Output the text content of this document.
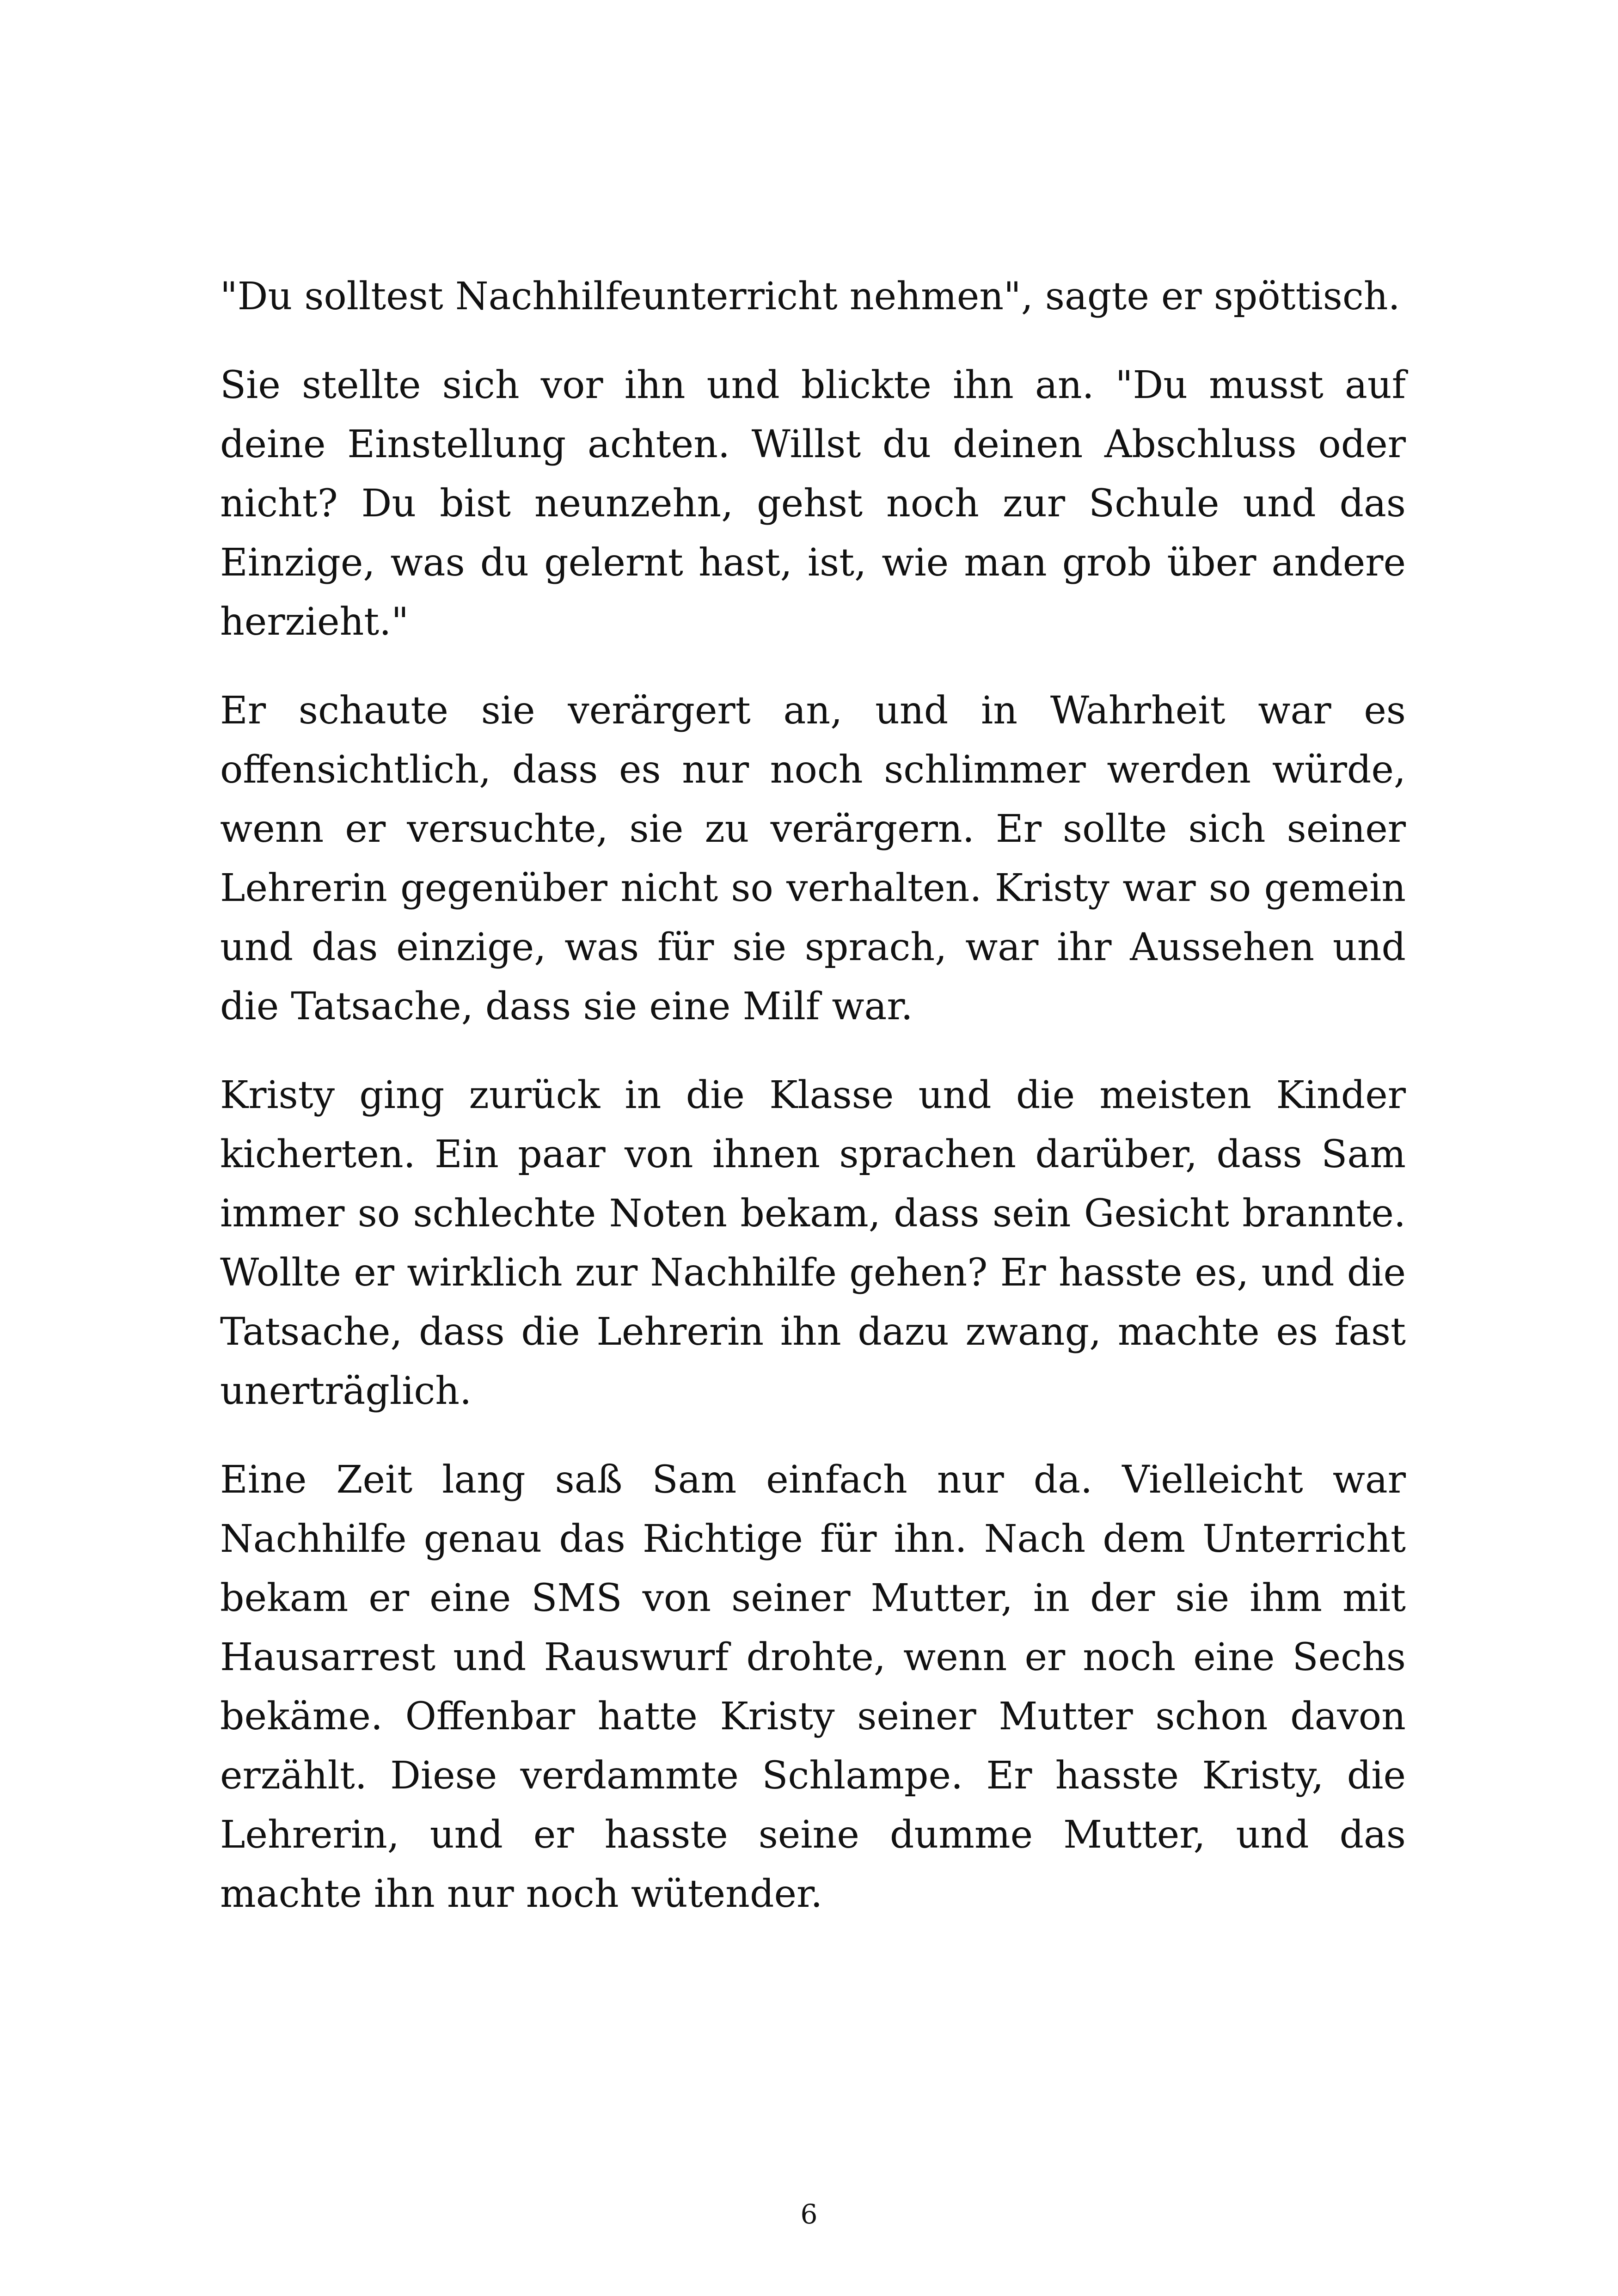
"Du solltest Nachhilfeunterricht nehmen", sagte er spöttisch.

Sie stellte sich vor ihn und blickte ihn an. "Du musst auf deine Einstellung achten. Willst du deinen Abschluss oder nicht? Du bist neunzehn, gehst noch zur Schule und das Einzige, was du gelernt hast, ist, wie man grob über andere herzieht."

Er schaute sie verärgert an, und in Wahrheit war es offensichtlich, dass es nur noch schlimmer werden würde, wenn er versuchte, sie zu verärgern. Er sollte sich seiner Lehrerin gegenüber nicht so verhalten. Kristy war so gemein und das einzige, was für sie sprach, war ihr Aussehen und die Tatsache, dass sie eine Milf war.

Kristy ging zurück in die Klasse und die meisten Kinder kicherten. Ein paar von ihnen sprachen darüber, dass Sam immer so schlechte Noten bekam, dass sein Gesicht brannte. Wollte er wirklich zur Nachhilfe gehen? Er hasste es, und die Tatsache, dass die Lehrerin ihn dazu zwang, machte es fast unerträglich.

Eine Zeit lang saß Sam einfach nur da. Vielleicht war Nachhilfe genau das Richtige für ihn. Nach dem Unterricht bekam er eine SMS von seiner Mutter, in der sie ihm mit Hausarrest und Rauswurf drohte, wenn er noch eine Sechs bekäme. Offenbar hatte Kristy seiner Mutter schon davon erzählt. Diese verdammte Schlampe. Er hasste Kristy, die Lehrerin, und er hasste seine dumme Mutter, und das machte ihn nur noch wütender.

6
